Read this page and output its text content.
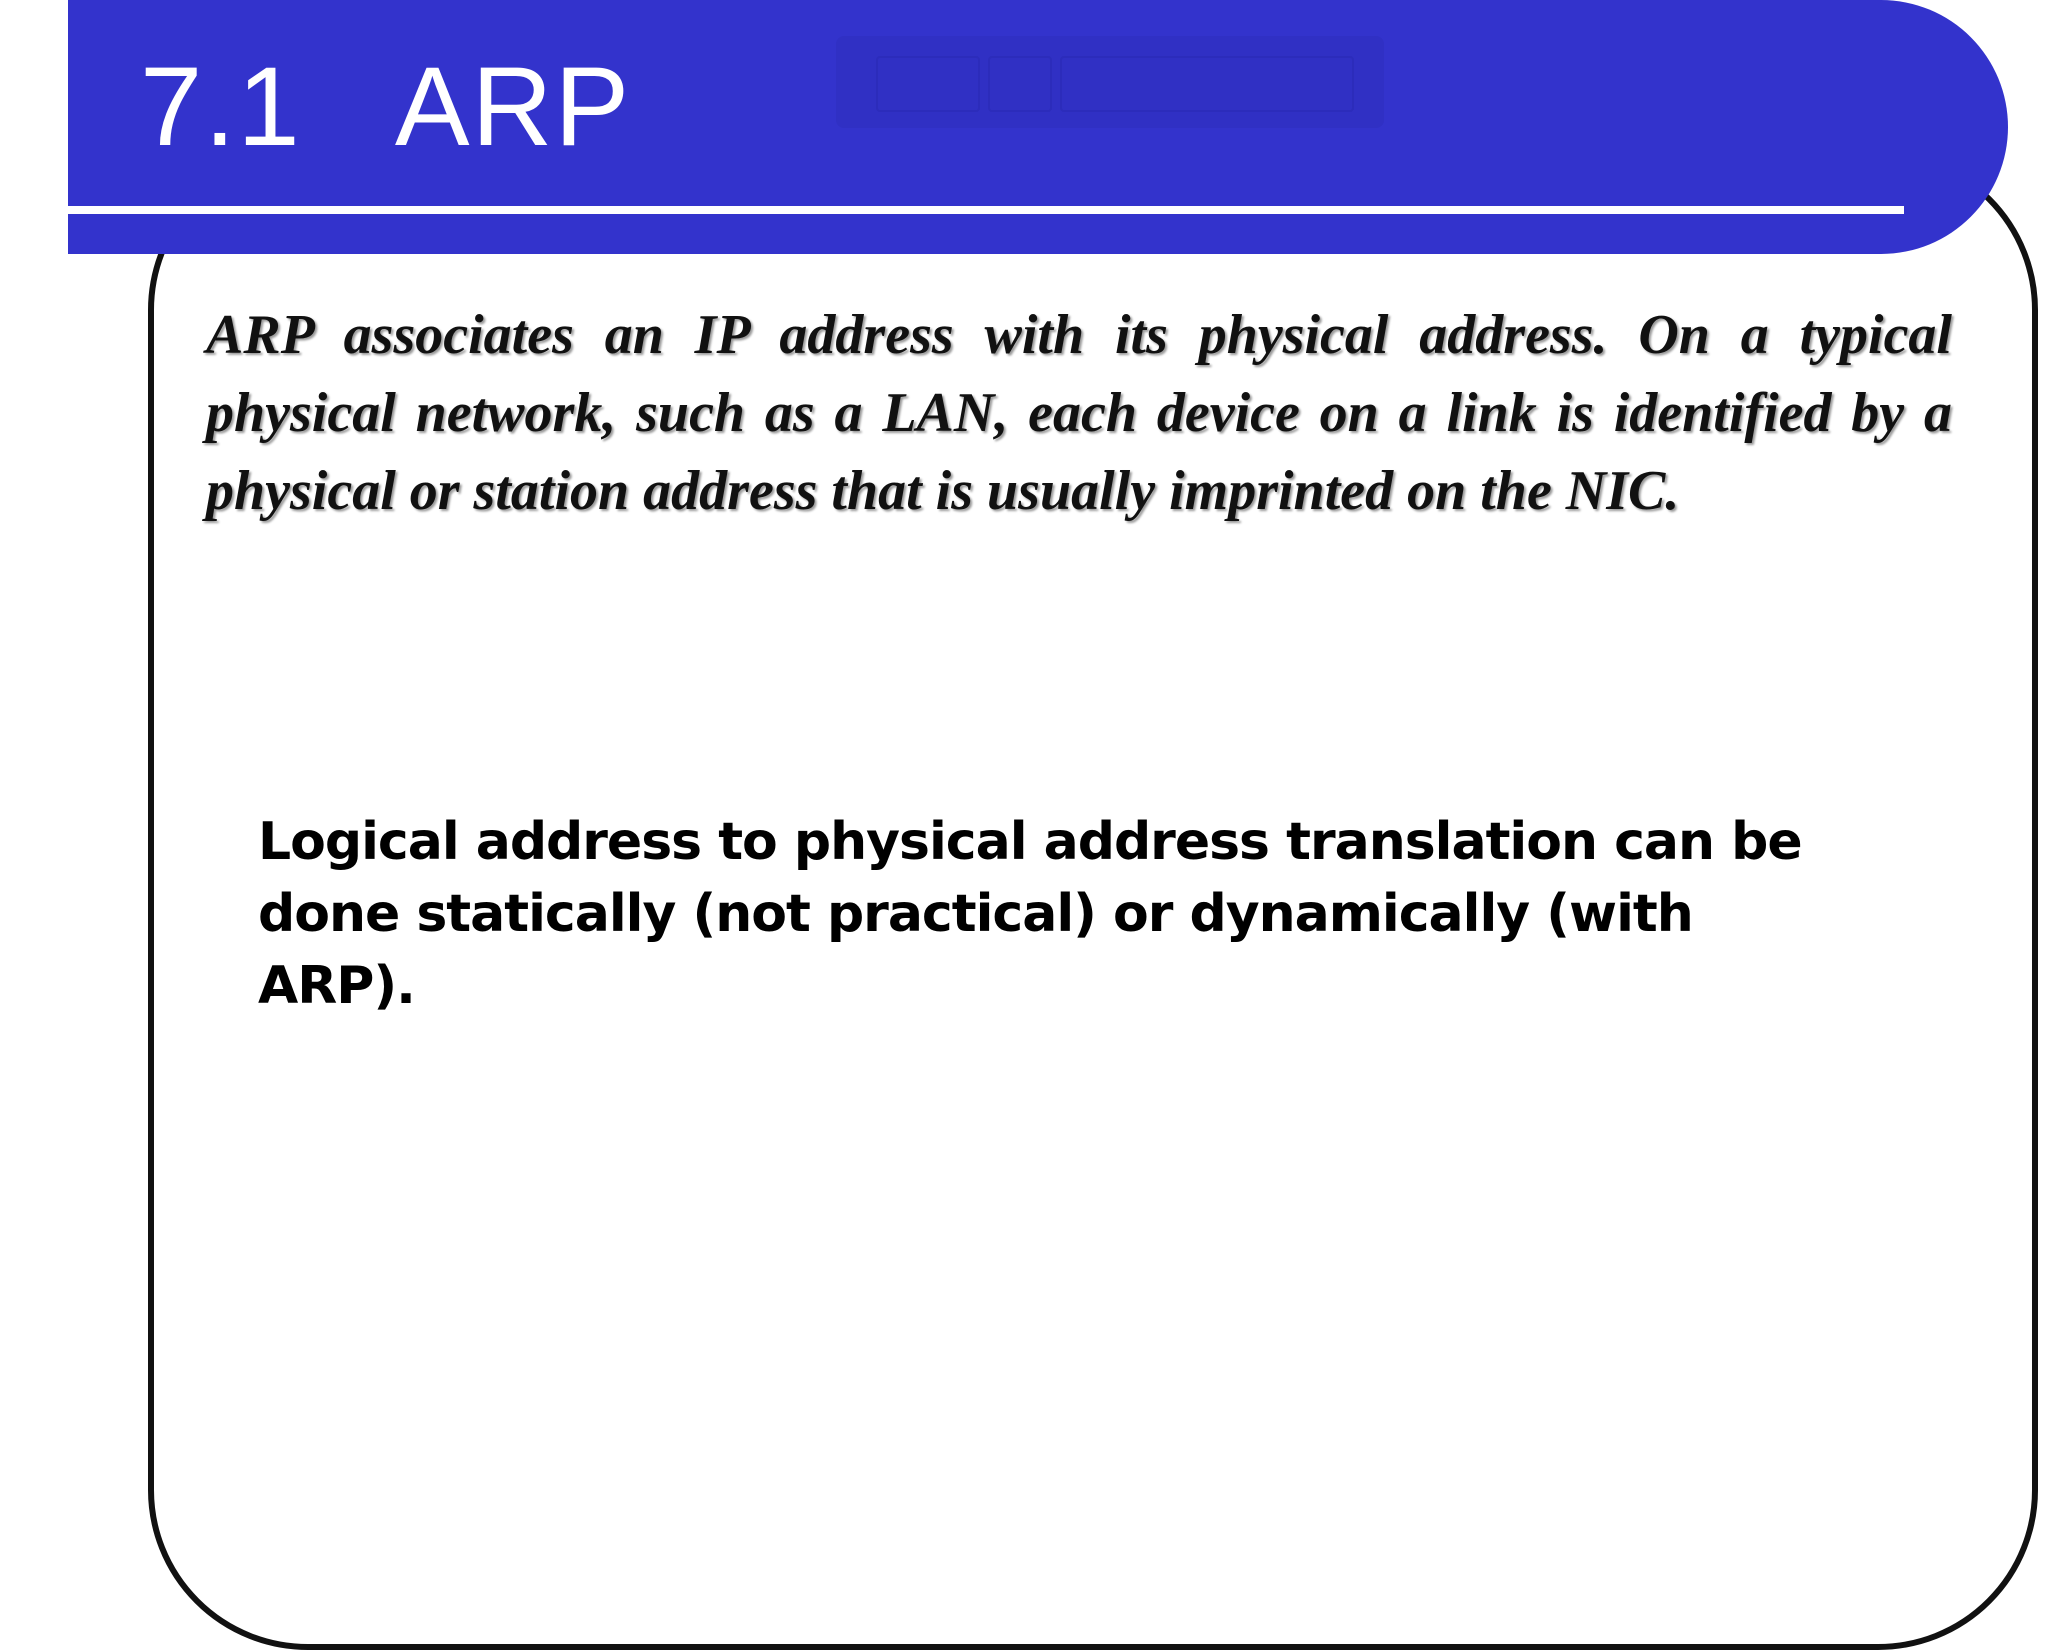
7.1   ARP

ARP associates an IP address with its physical address. On a typical physical network, such as a LAN, each device on a link is identified by a physical or station address that is usually imprinted on the NIC.

Logical address to physical address translation can be
done statically (not practical) or dynamically (with ARP).
